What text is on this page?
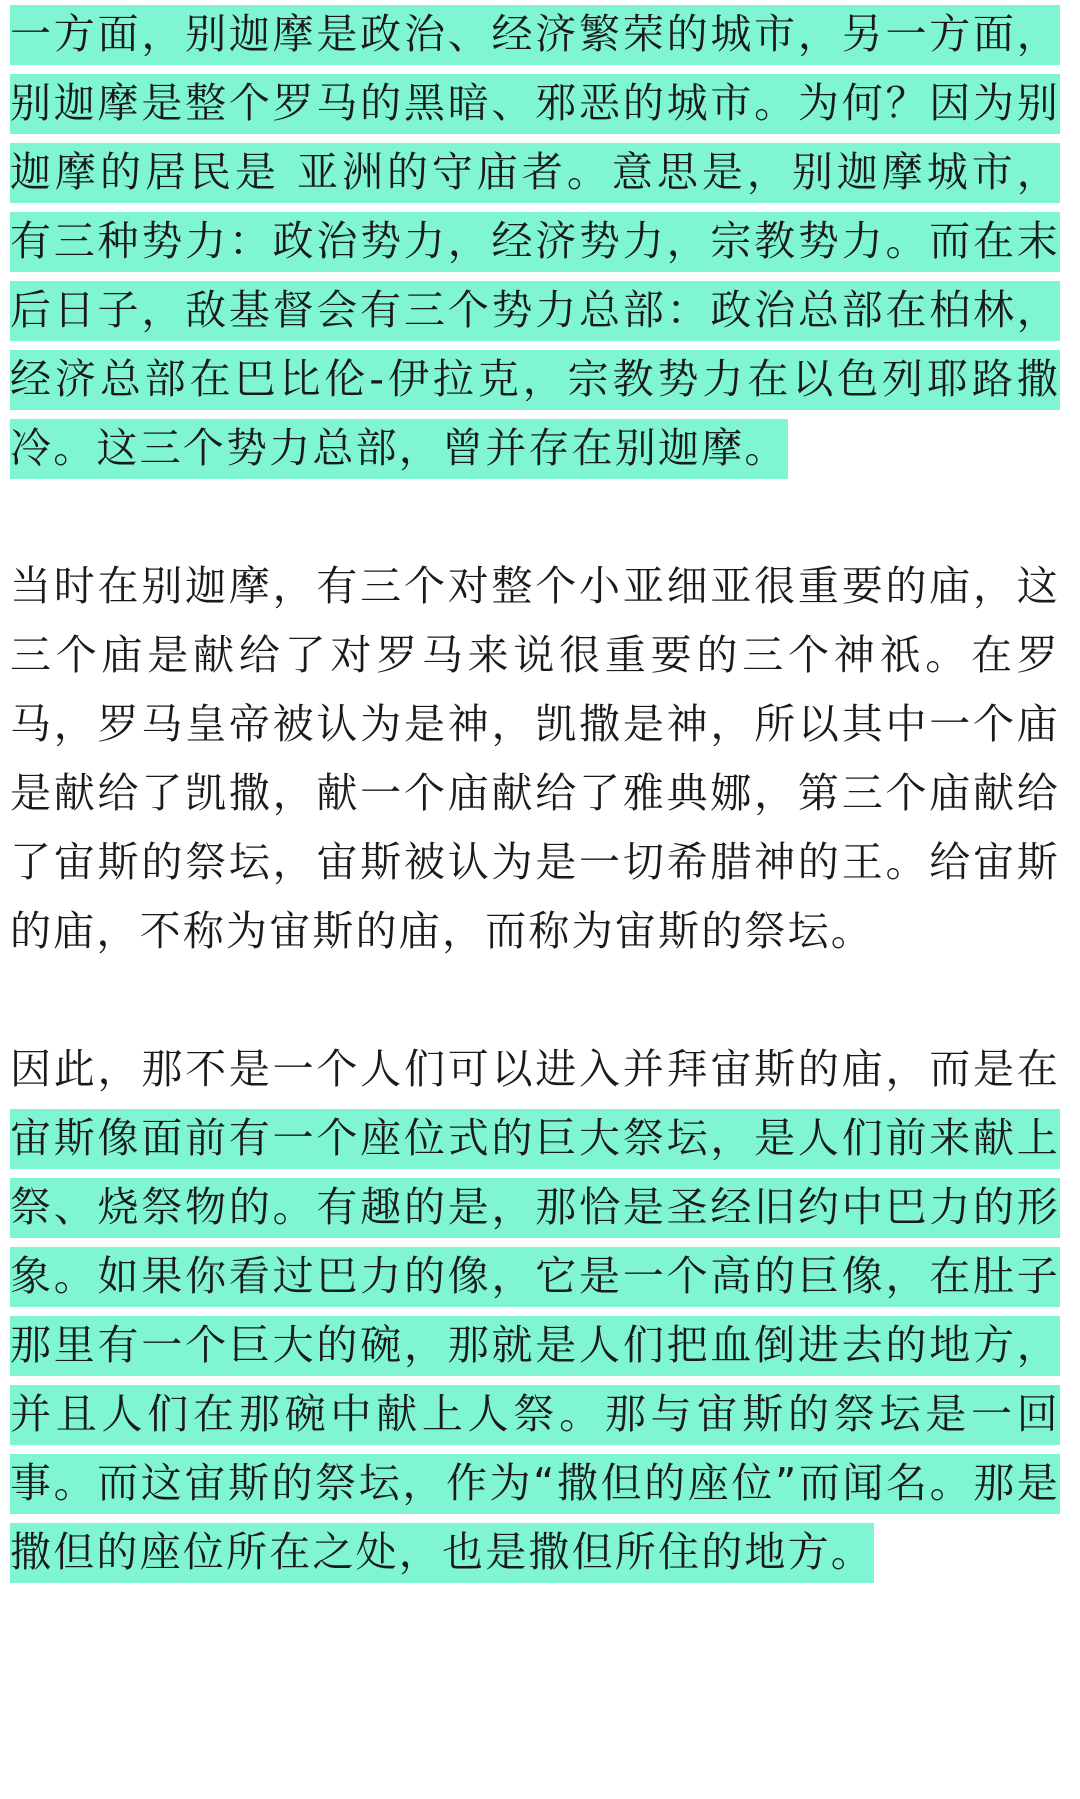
一方面，别迦摩是政治、经济繁荣的城市，另一方面，别迦摩是整个罗马的黑暗、邪恶的城市。为何？因为别迦摩的居民是 亚洲的守庙者。意思是，别迦摩城市，有三种势力：政治势力，经济势力，宗教势力。而在末后日子，敌基督会有三个势力总部：政治总部在柏林，经济总部在巴比伦-伊拉克，宗教势力在以色列耶路撒冷。这三个势力总部，曾并存在别迦摩。

当时在别迦摩，有三个对整个小亚细亚很重要的庙，这三个庙是献给了对罗马来说很重要的三个神祇。在罗马，罗马皇帝被认为是神，凯撒是神，所以其中一个庙是献给了凯撒，献一个庙献给了雅典娜，第三个庙献给了宙斯的祭坛，宙斯被认为是一切希腊神的王。给宙斯的庙，不称为宙斯的庙，而称为宙斯的祭坛。

因此，那不是一个人们可以进入并拜宙斯的庙，而是在宙斯像面前有一个座位式的巨大祭坛，是人们前来献上祭、烧祭物的。有趣的是，那恰是圣经旧约中巴力的形象。如果你看过巴力的像，它是一个高的巨像，在肚子那里有一个巨大的碗，那就是人们把血倒进去的地方，并且人们在那碗中献上人祭。那与宙斯的祭坛是一回事。而这宙斯的祭坛，作为“撒但的座位”而闻名。那是撒但的座位所在之处，也是撒但所住的地方。
